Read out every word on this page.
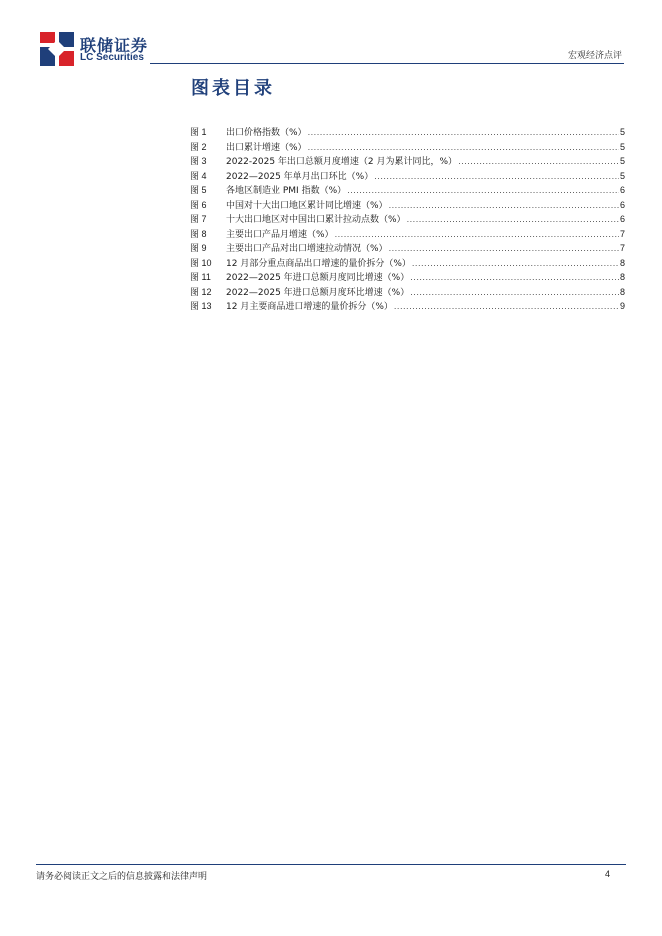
联储证券
LC Securities	宏观经济点评
图表目录
图 1	出口价格指数（%） .....	5
图 2	出口累计增速（%） .....	5
图 3	2022-2025 年出口总额月度增速（2 月为累计同比，%） .....	5
图 4	2022—2025 年单月出口环比（%） .....	5
图 5	各地区制造业 PMI 指数（%） .....	6
图 6	中国对十大出口地区累计同比增速（%） .....	6
图 7	十大出口地区对中国出口累计拉动点数（%） .....	6
图 8	主要出口产品月增速（%） .....	7
图 9	主要出口产品对出口增速拉动情况（%） .....	7
图 10	12 月部分重点商品出口增速的量价拆分（%） .....	8
图 11	2022—2025 年进口总额月度同比增速（%） .....	8
图 12	2022—2025 年进口总额月度环比增速（%） .....	8
图 13	12 月主要商品进口增速的量价拆分（%） .....	9
请务必阅读正文之后的信息披露和法律声明	4
